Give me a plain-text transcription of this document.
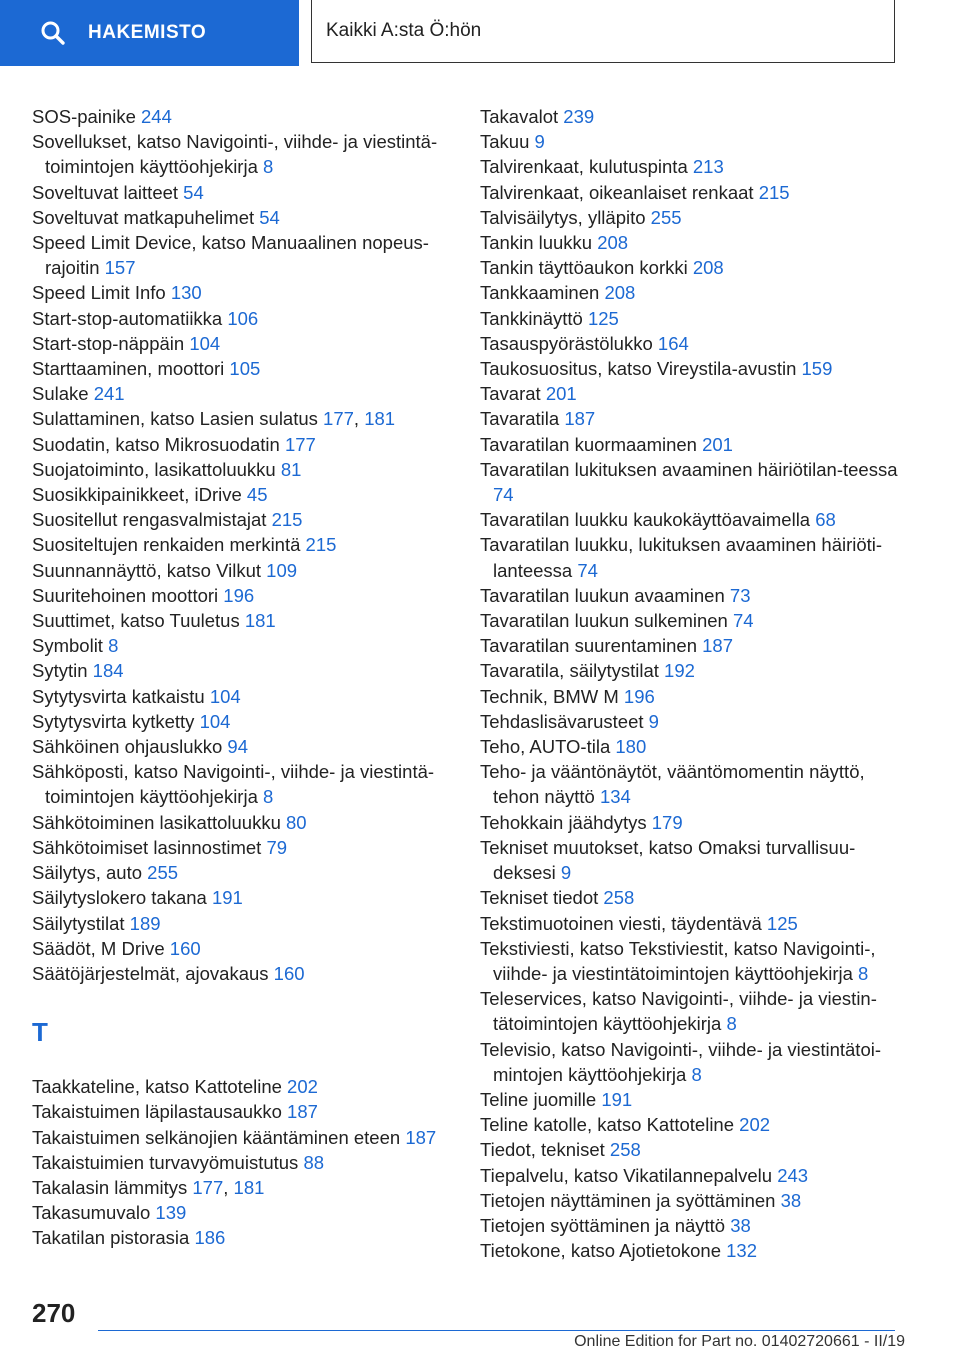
HAKEMISTO	Kaikki A:sta Ö:hön
SOS-painike 244
Sovellukset, katso Navigointi-, viihde- ja viestintä-toimintojen käyttöohjekirja 8
Soveltuvat laitteet 54
Soveltuvat matkapuhelimet 54
Speed Limit Device, katso Manuaalinen nopeus-rajoitin 157
Speed Limit Info 130
Start-stop-automatiikka 106
Start-stop-näppäin 104
Starttaaminen, moottori 105
Sulake 241
Sulattaminen, katso Lasien sulatus 177, 181
Suodatin, katso Mikrosuodatin 177
Suojatoiminto, lasikattoluukku 81
Suosikkipainikkeet, iDrive 45
Suositellut rengasvalmistajat 215
Suositeltujen renkaiden merkintä 215
Suunnannäyttö, katso Vilkut 109
Suuritehoinen moottori 196
Suuttimet, katso Tuuletus 181
Symbolit 8
Sytytin 184
Sytytysvirta katkaistu 104
Sytytysvirta kytketty 104
Sähköinen ohjauslukko 94
Sähköposti, katso Navigointi-, viihde- ja viestintä-toimintojen käyttöohjekirja 8
Sähkötoiminen lasikattoluukku 80
Sähkötoimiset lasinnostimet 79
Säilytys, auto 255
Säilytyslokero takana 191
Säilytystilat 189
Säädöt, M Drive 160
Säätöjärjestelmät, ajovakaus 160
T
Taakkateline, katso Kattoteline 202
Takaistuimen läpilastausaukko 187
Takaistuimen selkänojien kääntäminen eteen 187
Takaistuimien turvavyömuistutus 88
Takalasin lämmitys 177, 181
Takasumuvalo 139
Takatilan pistorasia 186
Takavalot 239
Takuu 9
Talvirenkaat, kulutuspinta 213
Talvirenkaat, oikeanlaiset renkaat 215
Talvisäilytys, ylläpito 255
Tankin luukku 208
Tankin täyttöaukon korkki 208
Tankkaaminen 208
Tankkinäyttö 125
Tasauspyörästölukko 164
Taukosuositus, katso Vireystila-avustin 159
Tavarat 201
Tavaratila 187
Tavaratilan kuormaaminen 201
Tavaratilan lukituksen avaaminen häiriötilan-teessa 74
Tavaratilan luukku kaukokäyttöavaimella 68
Tavaratilan luukku, lukituksen avaaminen häiriöti-lanteessa 74
Tavaratilan luukun avaaminen 73
Tavaratilan luukun sulkeminen 74
Tavaratilan suurentaminen 187
Tavaratila, säilytystilat 192
Technik, BMW M 196
Tehdaslisävarusteet 9
Teho, AUTO-tila 180
Teho- ja vääntönäytöt, vääntömomentin näyttö, tehon näyttö 134
Tehokkain jäähdytys 179
Tekniset muutokset, katso Omaksi turvallisuu-deksesi 9
Tekniset tiedot 258
Tekstimuotoinen viesti, täydentävä 125
Tekstiviesti, katso Tekstiviestit, katso Navigointi-, viihde- ja viestintätoimintojen käyttöohjekirja 8
Teleservices, katso Navigointi-, viihde- ja viestin-tätoimintojen käyttöohjekirja 8
Televisio, katso Navigointi-, viihde- ja viestintätoi-mintojen käyttöohjekirja 8
Teline juomille 191
Teline katolle, katso Kattoteline 202
Tiedot, tekniset 258
Tiepalvelu, katso Vikatilannepalvelu 243
Tietojen näyttäminen ja syöttäminen 38
Tietojen syöttäminen ja näyttö 38
Tietokone, katso Ajotietokone 132
270
Online Edition for Part no. 01402720661 - II/19
